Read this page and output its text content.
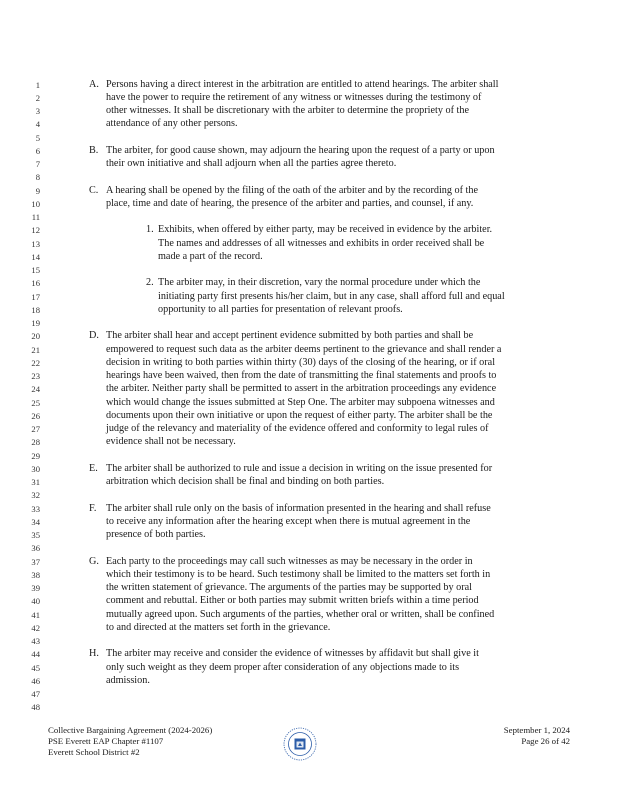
1
2
3
4
5
6
7
8
9
10
11
12
13
14
15
16
17
18
19
20
21
22
23
24
25
26
27
28
29
30
31
32
33
34
35
36
37
38
39
40
41
42
43
44
45
46
47
48
A. Persons having a direct interest in the arbitration are entitled to attend hearings. The arbiter shall
have the power to require the retirement of any witness or witnesses during the testimony of
other witnesses. It shall be discretionary with the arbiter to determine the propriety of the
attendance of any other persons.
B. The arbiter, for good cause shown, may adjourn the hearing upon the request of a party or upon
their own initiative and shall adjourn when all the parties agree thereto.
C. A hearing shall be opened by the filing of the oath of the arbiter and by the recording of the
place, time and date of hearing, the presence of the arbiter and parties, and counsel, if any.
1. Exhibits, when offered by either party, may be received in evidence by the arbiter.
The names and addresses of all witnesses and exhibits in order received shall be
made a part of the record.
2. The arbiter may, in their discretion, vary the normal procedure under which the
initiating party first presents his/her claim, but in any case, shall afford full and equal
opportunity to all parties for presentation of relevant proofs.
D. The arbiter shall hear and accept pertinent evidence submitted by both parties and shall be
empowered to request such data as the arbiter deems pertinent to the grievance and shall render a
decision in writing to both parties within thirty (30) days of the closing of the hearing, or if oral
hearings have been waived, then from the date of transmitting the final statements and proofs to
the arbiter. Neither party shall be permitted to assert in the arbitration proceedings any evidence
which would change the issues submitted at Step One. The arbiter may subpoena witnesses and
documents upon their own initiative or upon the request of either party. The arbiter shall be the
judge of the relevancy and materiality of the evidence offered and conformity to legal rules of
evidence shall not be necessary.
E. The arbiter shall be authorized to rule and issue a decision in writing on the issue presented for
arbitration which decision shall be final and binding on both parties.
F. The arbiter shall rule only on the basis of information presented in the hearing and shall refuse
to receive any information after the hearing except when there is mutual agreement in the
presence of both parties.
G. Each party to the proceedings may call such witnesses as may be necessary in the order in
which their testimony is to be heard. Such testimony shall be limited to the matters set forth in
the written statement of grievance. The arguments of the parties may be supported by oral
comment and rebuttal. Either or both parties may submit written briefs within a time period
mutually agreed upon. Such arguments of the parties, whether oral or written, shall be confined
to and directed at the matters set forth in the grievance.
H. The arbiter may receive and consider the evidence of witnesses by affidavit but shall give it
only such weight as they deem proper after consideration of any objections made to its
admission.
Collective Bargaining Agreement (2024-2026)
PSE Everett EAP Chapter #1107
Everett School District #2
September 1, 2024
Page 26 of 42
